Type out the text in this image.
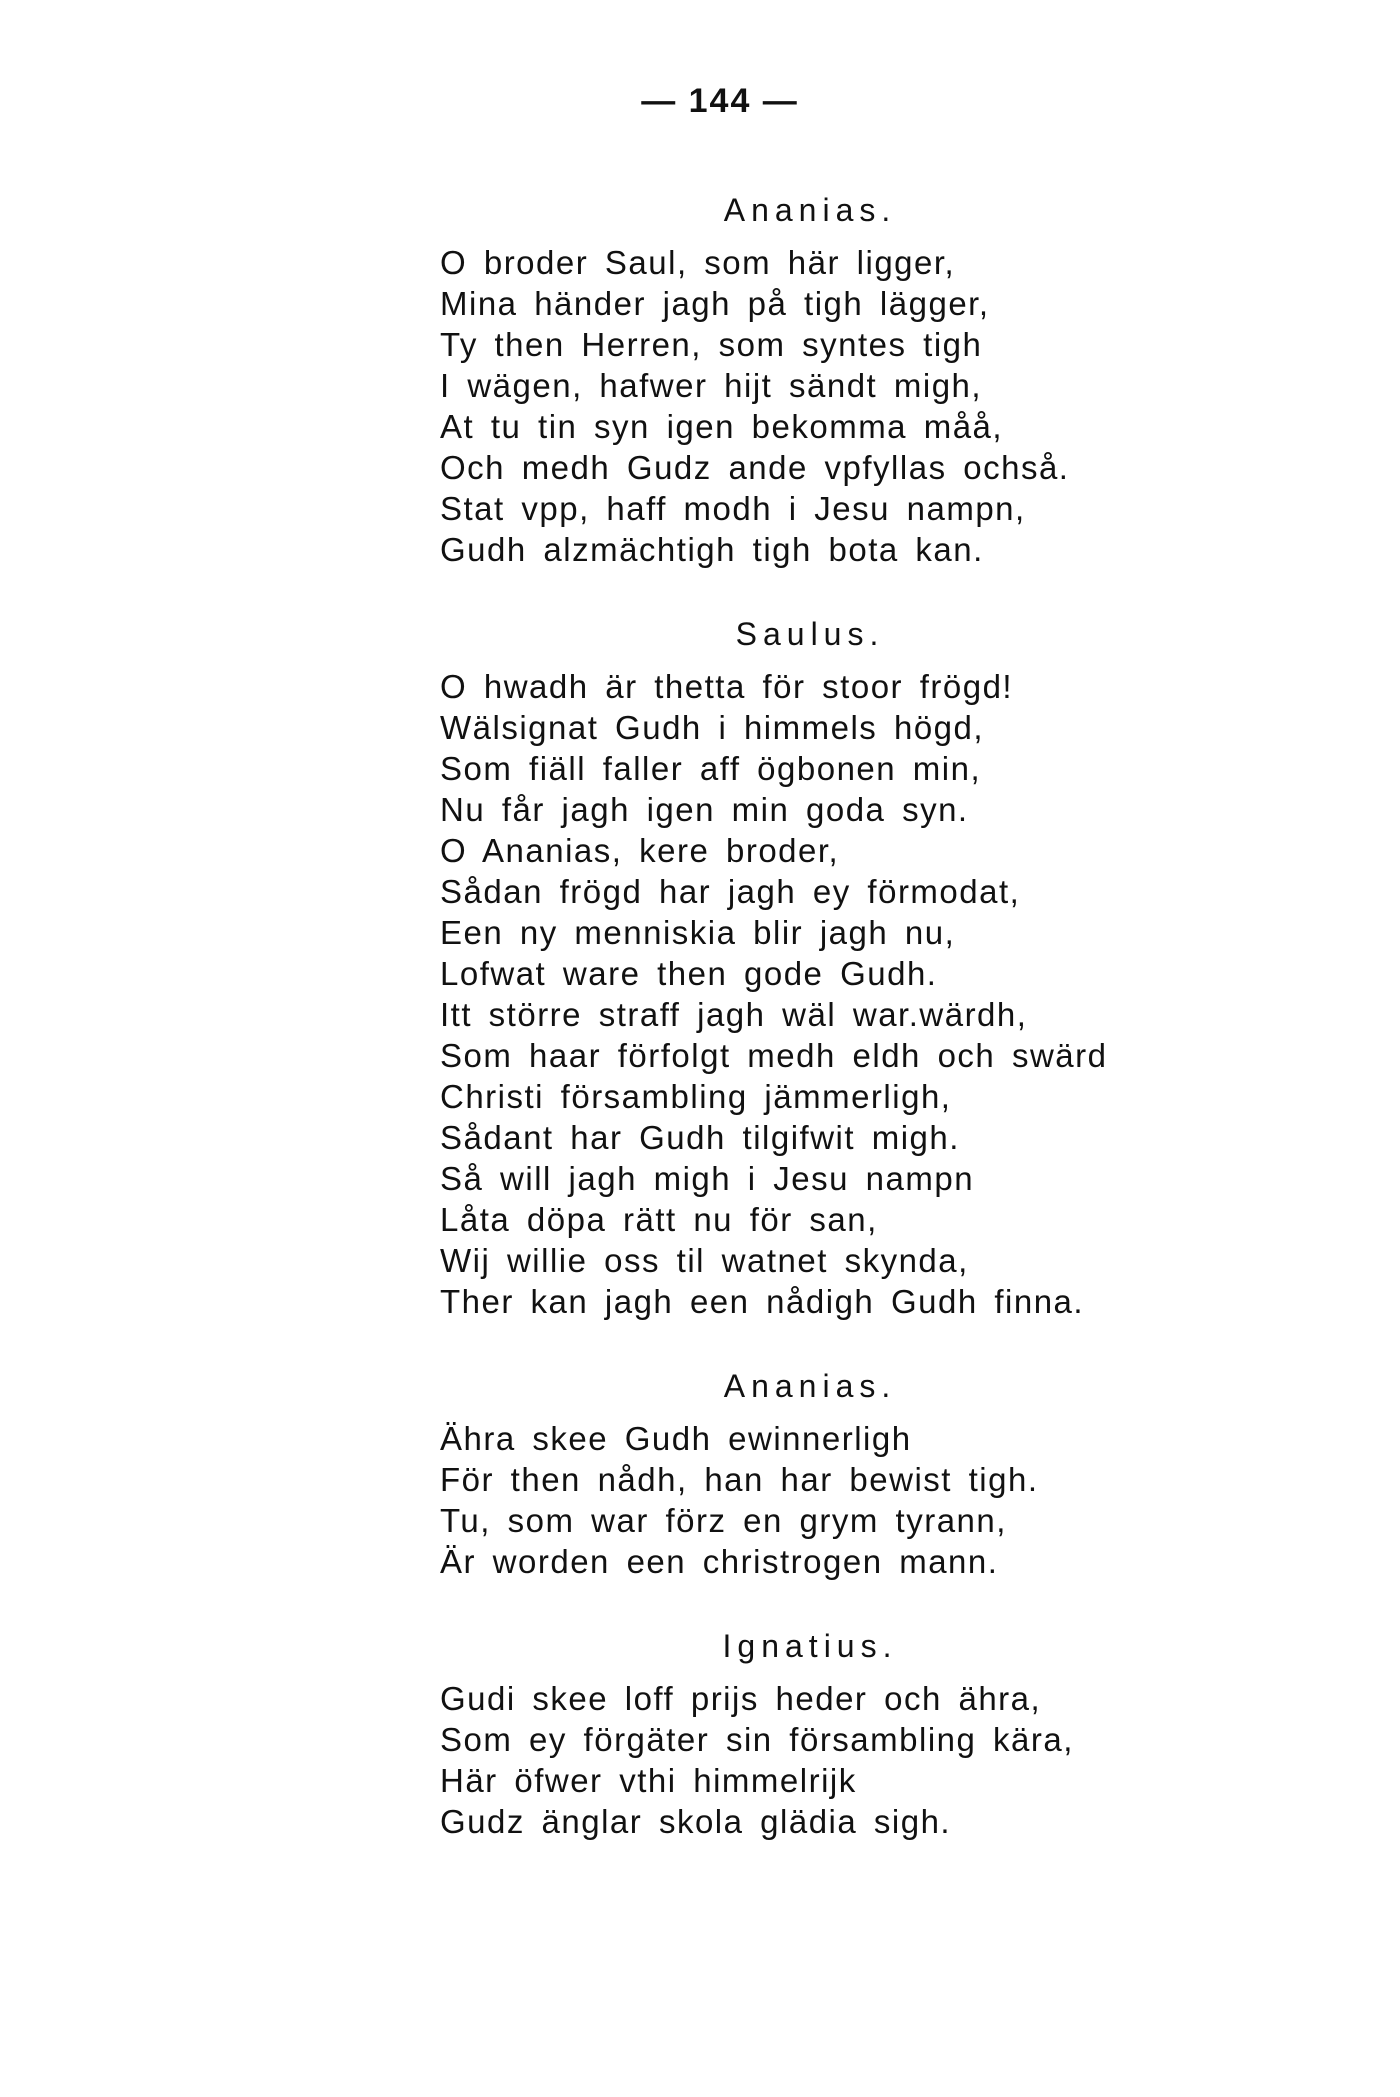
— 144 —
Ananias.
O broder Saul, som här ligger,
Mina händer jagh på tigh lägger,
Ty then Herren, som syntes tigh
I wägen, hafwer hijt sändt migh,
At tu tin syn igen bekomma måå,
Och medh Gudz ande vpfyllas ochså.
Stat vpp, haff modh i Jesu nampn,
Gudh alzmächtigh tigh bota kan.
Saulus.
O hwadh är thetta för stoor frögd!
Wälsignat Gudh i himmels högd,
Som fiäll faller aff ögbonen min,
Nu får jagh igen min goda syn.
O Ananias, kere broder,
Sådan frögd har jagh ey förmodat,
Een ny menniskia blir jagh nu,
Lofwat ware then gode Gudh.
Itt större straff jagh wäl war.wärdh,
Som haar förfolgt medh eldh och swärd
Christi försambling jämmerligh,
Sådant har Gudh tilgifwit migh.
Så will jagh migh i Jesu nampn
Låta döpa rätt nu för san,
Wij willie oss til watnet skynda,
Ther kan jagh een nådigh Gudh finna.
Ananias.
Ähra skee Gudh ewinnerligh
För then nådh, han har bewist tigh.
Tu, som war förz en grym tyrann,
Är worden een christrogen mann.
Ignatius.
Gudi skee loff prijs heder och ähra,
Som ey förgäter sin försambling kära,
Här öfwer vthi himmelrijk
Gudz änglar skola glädia sigh.
